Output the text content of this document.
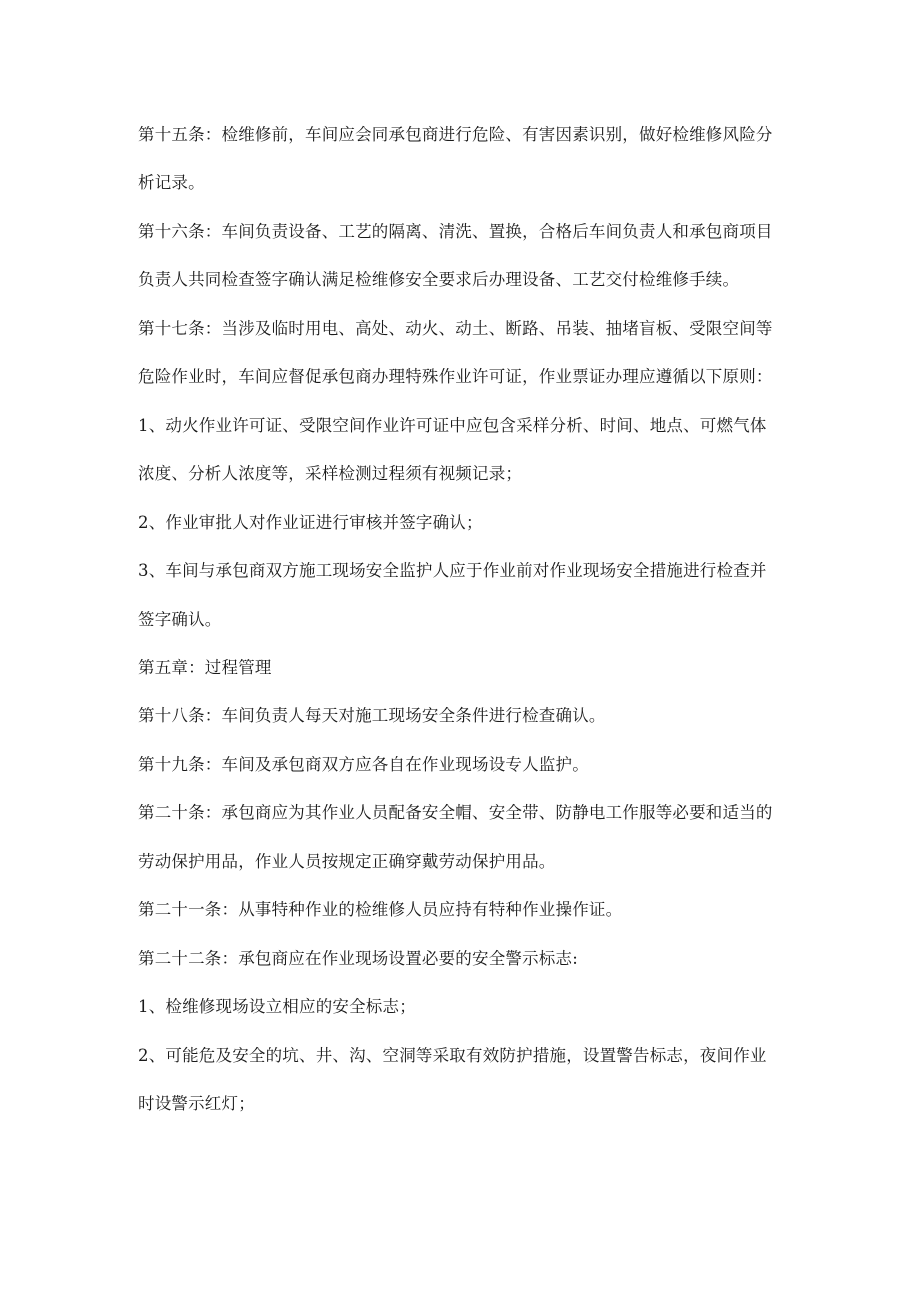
第十五条：检维修前，车间应会同承包商进行危险、有害因素识别，做好检维修风险分
析记录。
第十六条：车间负责设备、工艺的隔离、清洗、置换，合格后车间负责人和承包商项目
负责人共同检查签字确认满足检维修安全要求后办理设备、工艺交付检维修手续。
第十七条：当涉及临时用电、高处、动火、动土、断路、吊装、抽堵盲板、受限空间等
危险作业时，车间应督促承包商办理特殊作业许可证，作业票证办理应遵循以下原则：
1、动火作业许可证、受限空间作业许可证中应包含采样分析、时间、地点、可燃气体
浓度、分析人浓度等，采样检测过程须有视频记录；
2、作业审批人对作业证进行审核并签字确认；
3、车间与承包商双方施工现场安全监护人应于作业前对作业现场安全措施进行检查并
签字确认。
第五章：过程管理
第十八条：车间负责人每天对施工现场安全条件进行检查确认。
第十九条：车间及承包商双方应各自在作业现场设专人监护。
第二十条：承包商应为其作业人员配备安全帽、安全带、防静电工作服等必要和适当的
劳动保护用品，作业人员按规定正确穿戴劳动保护用品。
第二十一条：从事特种作业的检维修人员应持有特种作业操作证。
第二十二条：承包商应在作业现场设置必要的安全警示标志:
1、检维修现场设立相应的安全标志；
2、可能危及安全的坑、井、沟、空洞等采取有效防护措施，设置警告标志，夜间作业
时设警示红灯；
